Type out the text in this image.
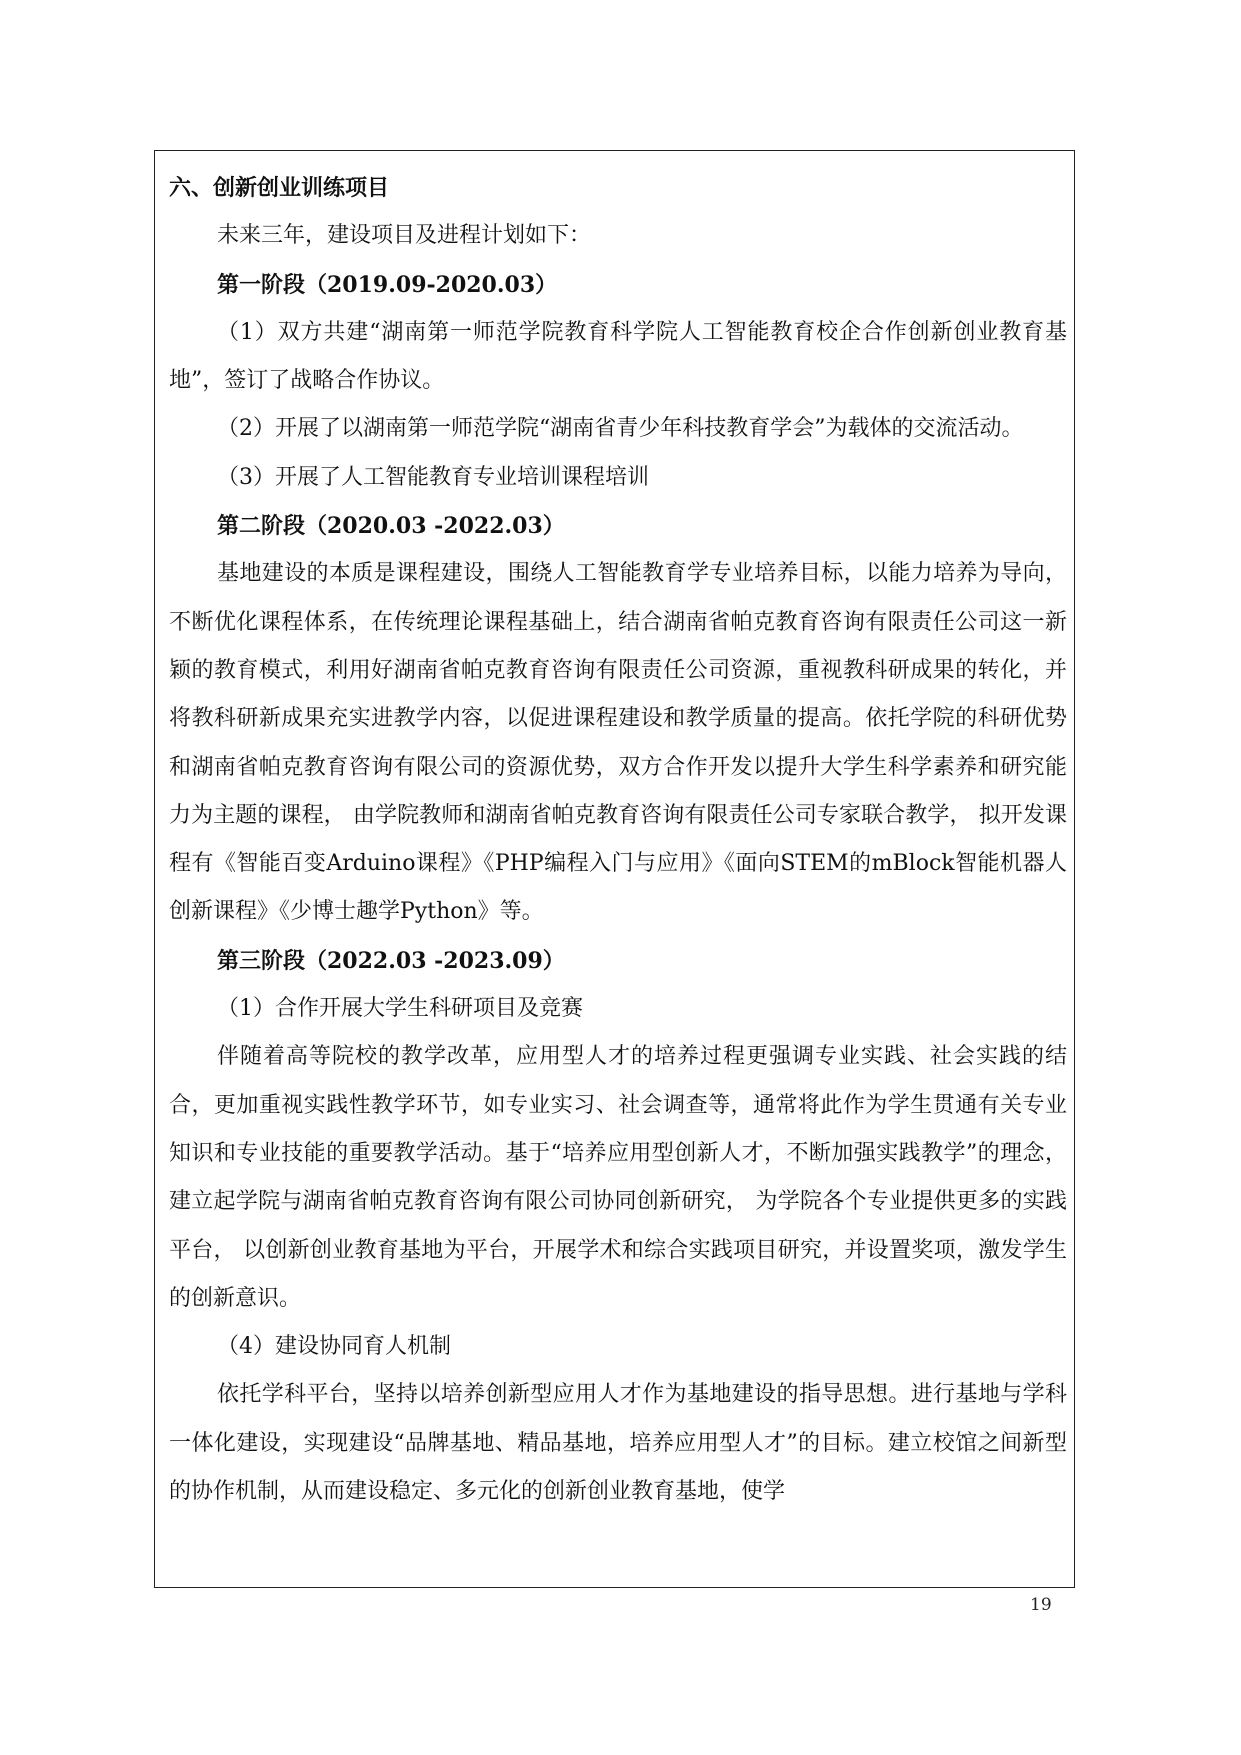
六、创新创业训练项目

未来三年，建设项目及进程计划如下：

第一阶段（2019.09-2020.03）

（1）双方共建“湖南第一师范学院教育科学院人工智能教育校企合作创新创业教育基地”，签订了战略合作协议。

（2）开展了以湖南第一师范学院“湖南省青少年科技教育学会”为载体的交流活动。

（3）开展了人工智能教育专业培训课程培训

第二阶段（2020.03 -2022.03）

基地建设的本质是课程建设，围绕人工智能教育学专业培养目标，以能力培养为导向，不断优化课程体系，在传统理论课程基础上，结合湖南省帕克教育咨询有限责任公司这一新颖的教育模式，利用好湖南省帕克教育咨询有限责任公司资源，重视教科研成果的转化，并将教科研新成果充实进教学内容，以促进课程建设和教学质量的提高。依托学院的科研优势和湖南省帕克教育咨询有限公司的资源优势，双方合作开发以提升大学生科学素养和研究能力为主题的课程， 由学院教师和湖南省帕克教育咨询有限责任公司专家联合教学， 拟开发课程有《智能百变Arduino课程》《PHP编程入门与应用》《面向STEM的mBlock智能机器人创新课程》《少博士趣学Python》等。

第三阶段（2022.03 -2023.09）

（1）合作开展大学生科研项目及竞赛

伴随着高等院校的教学改革，应用型人才的培养过程更强调专业实践、社会实践的结合，更加重视实践性教学环节，如专业实习、社会调查等，通常将此作为学生贯通有关专业知识和专业技能的重要教学活动。基于“培养应用型创新人才，不断加强实践教学”的理念，建立起学院与湖南省帕克教育咨询有限公司协同创新研究， 为学院各个专业提供更多的实践平台， 以创新创业教育基地为平台，开展学术和综合实践项目研究，并设置奖项，激发学生的创新意识。

（4）建设协同育人机制

依托学科平台，坚持以培养创新型应用人才作为基地建设的指导思想。进行基地与学科一体化建设，实现建设“品牌基地、精品基地，培养应用型人才”的目标。建立校馆之间新型的协作机制，从而建设稳定、多元化的创新创业教育基地，使学

19
